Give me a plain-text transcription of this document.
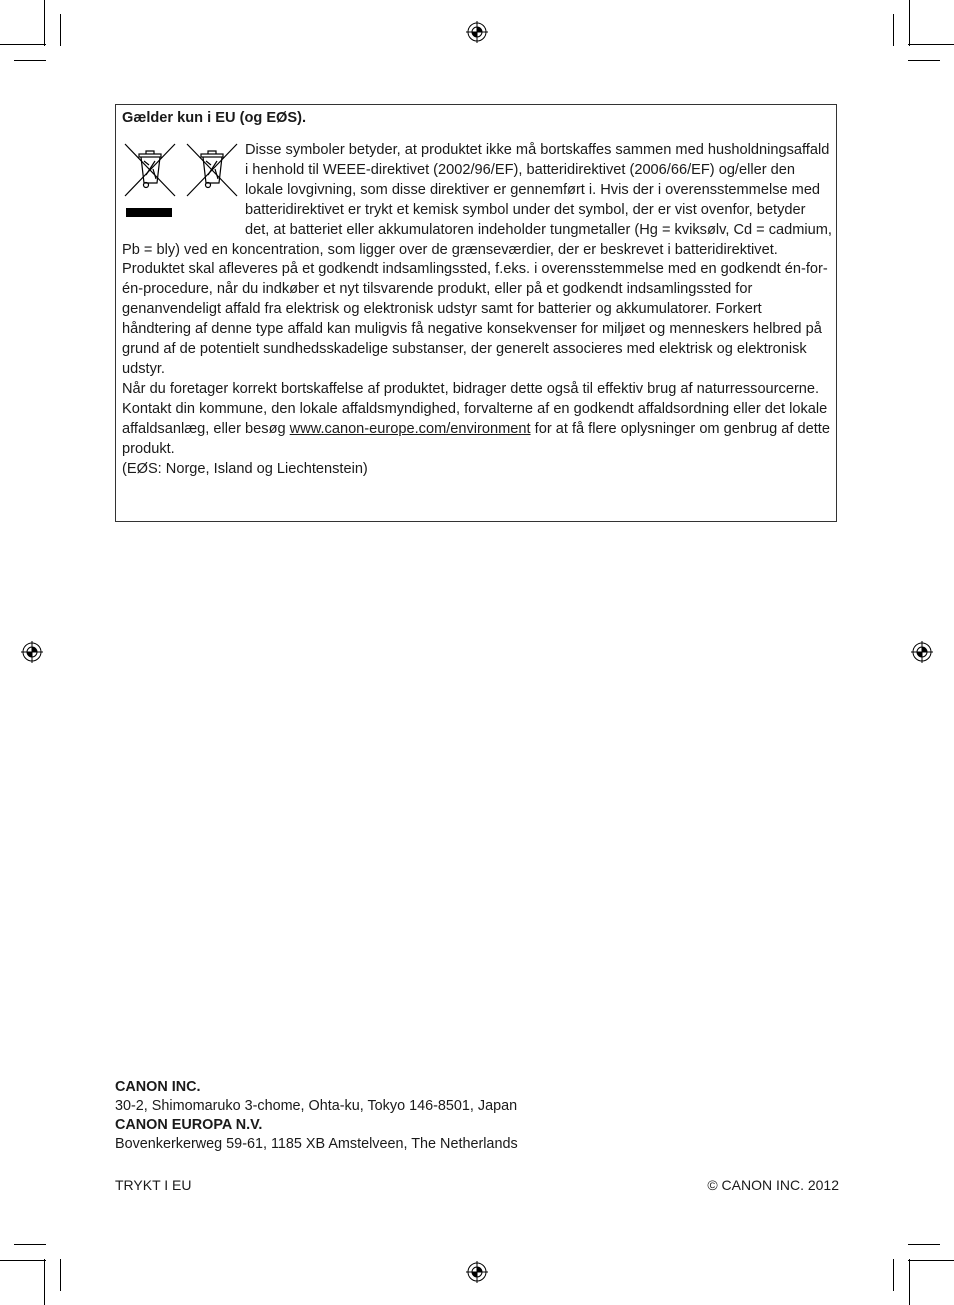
Gælder kun i EU (og EØS).

Disse symboler betyder, at produktet ikke må bortskaffes sammen med husholdningsaffald i henhold til WEEE-direktivet (2002/96/EF), batteridirektivet (2006/66/EF) og/eller den lokale lovgivning, som disse direktiver er gennemført i. Hvis der i overensstemmelse med batteridirektivet er trykt et kemisk symbol under det symbol, der er vist ovenfor, betyder det, at batteriet eller akkumulatoren indeholder tungmetaller (Hg = kviksølv, Cd = cadmium, Pb = bly) ved en koncentration, som ligger over de grænseværdier, der er beskrevet i batteridirektivet.

Produktet skal afleveres på et godkendt indsamlingssted, f.eks. i overensstemmelse med en godkendt én-for-én-procedure, når du indkøber et nyt tilsvarende produkt, eller på et godkendt indsamlingssted for genanvendeligt affald fra elektrisk og elektronisk udstyr samt for batterier og akkumulatorer. Forkert håndtering af denne type affald kan muligvis få negative konsekvenser for miljøet og menneskers helbred på grund af de potentielt sundhedsskadelige substanser, der generelt associeres med elektrisk og elektronisk udstyr.

Når du foretager korrekt bortskaffelse af produktet, bidrager dette også til effektiv brug af naturressourcerne.

Kontakt din kommune, den lokale affaldsmyndighed, forvalterne af en godkendt affaldsordning eller det lokale affaldsanlæg, eller besøg www.canon-europe.com/environment for at få flere oplysninger om genbrug af dette produkt.

(EØS: Norge, Island og Liechtenstein)

CANON INC.
30-2, Shimomaruko 3-chome, Ohta-ku, Tokyo 146-8501, Japan
CANON EUROPA N.V.
Bovenkerkerweg 59-61, 1185 XB Amstelveen, The Netherlands
TRYKT I EU	© CANON INC. 2012
